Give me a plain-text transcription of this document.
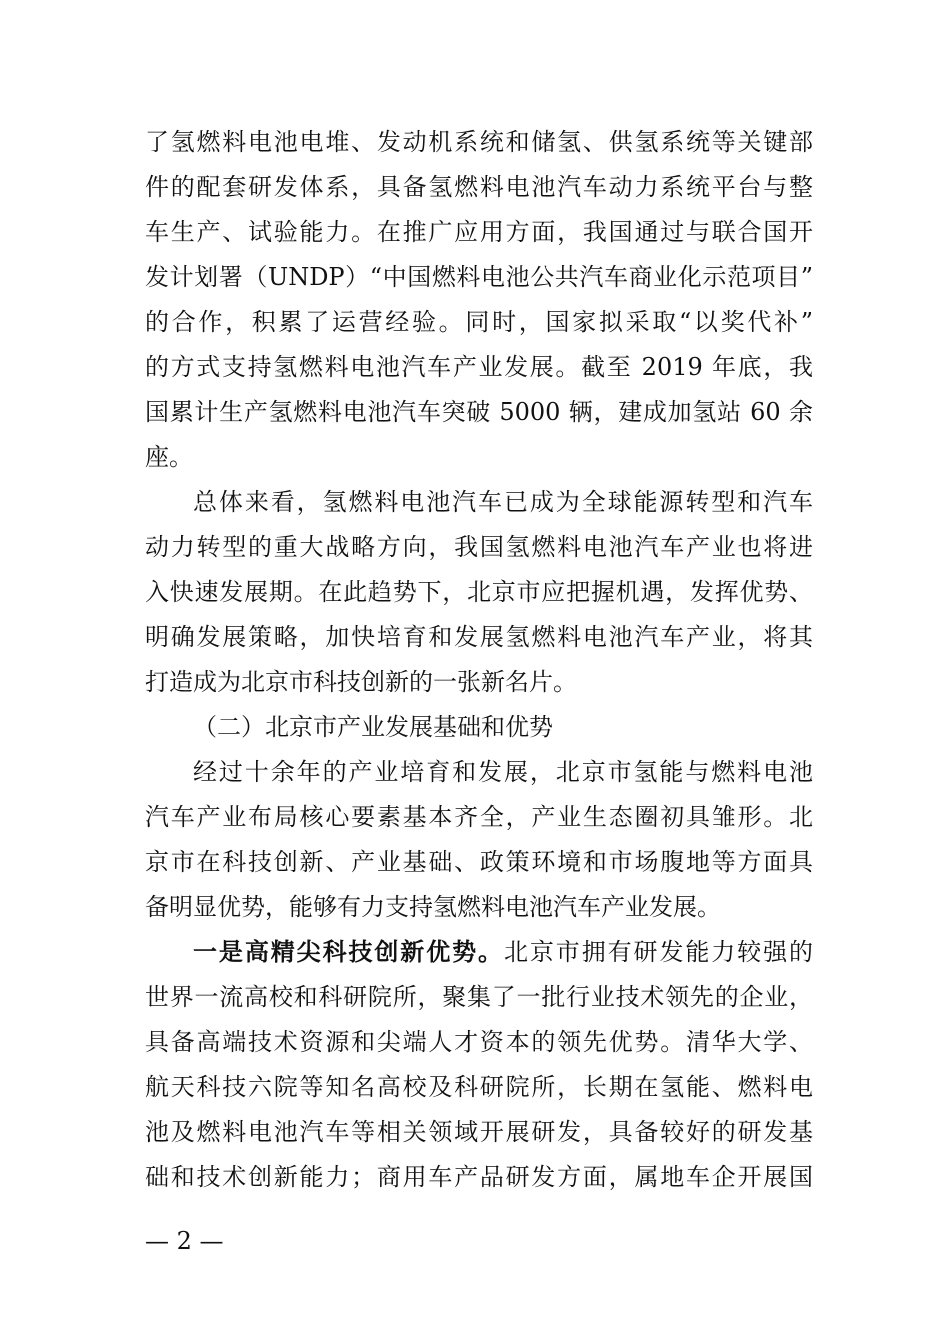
了氢燃料电池电堆、发动机系统和储氢、供氢系统等关键部
件的配套研发体系，具备氢燃料电池汽车动力系统平台与整
车生产、试验能力。在推广应用方面，我国通过与联合国开
发计划署（UNDP）“中国燃料电池公共汽车商业化示范项目”
的合作，积累了运营经验。同时，国家拟采取“以奖代补”
的方式支持氢燃料电池汽车产业发展。截至 2019 年底，我
国累计生产氢燃料电池汽车突破 5000 辆，建成加氢站 60 余
座。
总体来看，氢燃料电池汽车已成为全球能源转型和汽车
动力转型的重大战略方向，我国氢燃料电池汽车产业也将进
入快速发展期。在此趋势下，北京市应把握机遇，发挥优势、
明确发展策略，加快培育和发展氢燃料电池汽车产业，将其
打造成为北京市科技创新的一张新名片。
（二）北京市产业发展基础和优势
经过十余年的产业培育和发展，北京市氢能与燃料电池
汽车产业布局核心要素基本齐全，产业生态圈初具雏形。北
京市在科技创新、产业基础、政策环境和市场腹地等方面具
备明显优势，能够有力支持氢燃料电池汽车产业发展。
一是高精尖科技创新优势。北京市拥有研发能力较强的
世界一流高校和科研院所，聚集了一批行业技术领先的企业，
具备高端技术资源和尖端人才资本的领先优势。清华大学、
航天科技六院等知名高校及科研院所，长期在氢能、燃料电
池及燃料电池汽车等相关领域开展研发，具备较好的研发基
础和技术创新能力；商用车产品研发方面，属地车企开展国
— 2 —
